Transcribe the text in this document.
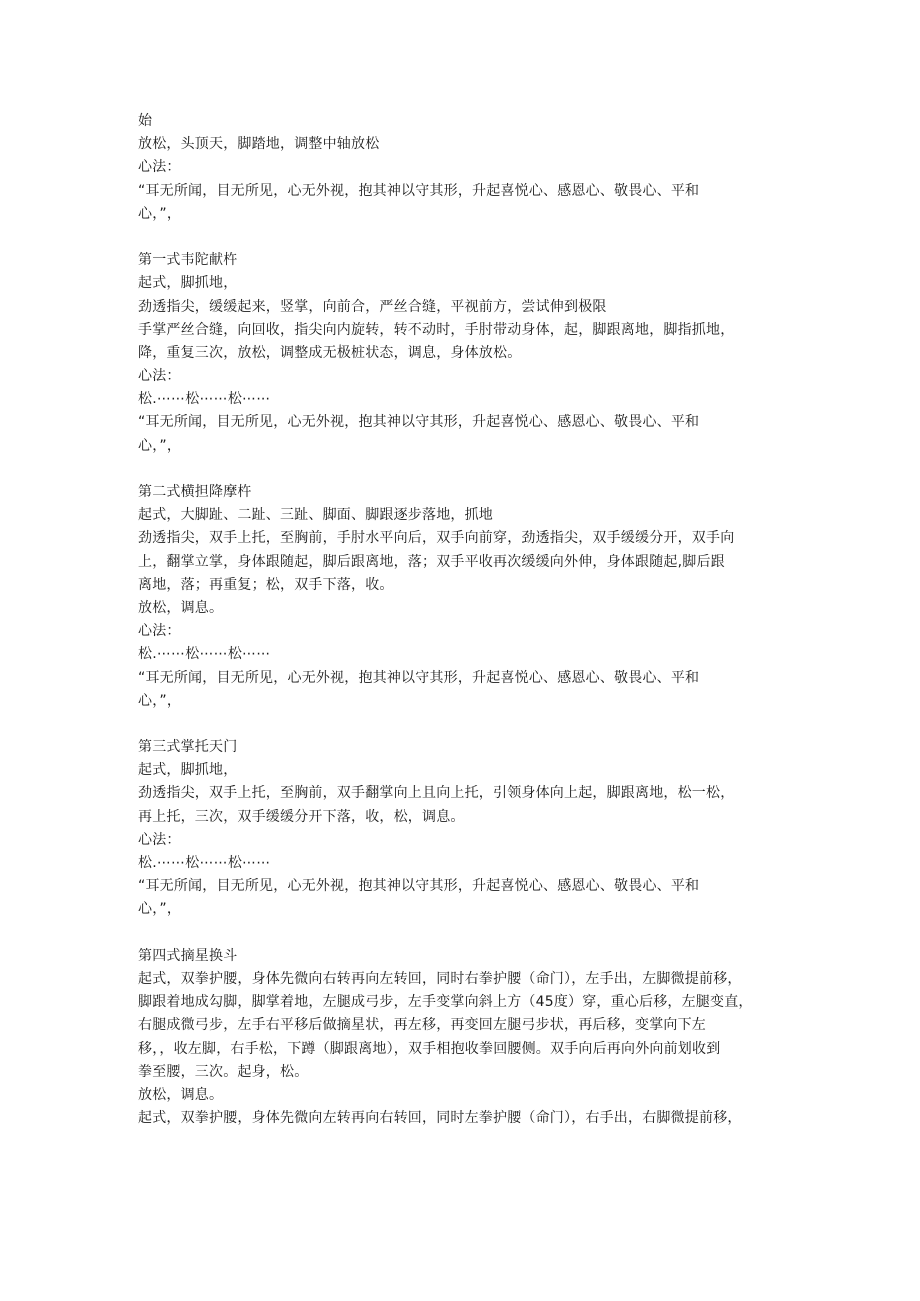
始
放松，头顶天，脚踏地，调整中轴放松
心法：
“耳无所闻，目无所见，心无外视，抱其神以守其形，升起喜悦心、感恩心、敬畏心、平和
心，”，
第一式韦陀献杵
起式，脚抓地，
劲透指尖，缓缓起来，竖掌，向前合，严丝合缝，平视前方，尝试伸到极限
手掌严丝合缝，向回收，指尖向内旋转，转不动时，手肘带动身体，起，脚跟离地，脚指抓地，
降，重复三次，放松，调整成无极桩状态，调息，身体放松。
心法：
松.⋯⋯松⋯⋯松⋯⋯
“耳无所闻，目无所见，心无外视，抱其神以守其形，升起喜悦心、感恩心、敬畏心、平和
心，”，
第二式横担降摩杵
起式，大脚趾、二趾、三趾、脚面、脚跟逐步落地，抓地
劲透指尖，双手上托，至胸前，手肘水平向后，双手向前穿，劲透指尖，双手缓缓分开，双手向
上，翻掌立掌，身体跟随起，脚后跟离地，落；双手平收再次缓缓向外伸，身体跟随起,脚后跟
离地，落；再重复；松，双手下落，收。
放松，调息。
心法：
松.⋯⋯松⋯⋯松⋯⋯
“耳无所闻，目无所见，心无外视，抱其神以守其形，升起喜悦心、感恩心、敬畏心、平和
心，”，
第三式掌托天门
起式，脚抓地，
劲透指尖，双手上托，至胸前，双手翻掌向上且向上托，引领身体向上起，脚跟离地，松一松，
再上托，三次，双手缓缓分开下落，收，松，调息。
心法：
松.⋯⋯松⋯⋯松⋯⋯
“耳无所闻，目无所见，心无外视，抱其神以守其形，升起喜悦心、感恩心、敬畏心、平和
心，”，
第四式摘星换斗
起式，双拳护腰，身体先微向右转再向左转回，同时右拳护腰（命门），左手出，左脚微提前移，
脚跟着地成勾脚，脚掌着地，左腿成弓步，左手变掌向斜上方（45度）穿，重心后移，左腿变直，
右腿成微弓步，左手右平移后做摘星状，再左移，再变回左腿弓步状，再后移，变掌向下左
移，，收左脚，右手松，下蹲（脚跟离地），双手相抱收拳回腰侧。双手向后再向外向前划收到
拳至腰，三次。起身，松。
放松，调息。
起式，双拳护腰，身体先微向左转再向右转回，同时左拳护腰（命门），右手出，右脚微提前移，
